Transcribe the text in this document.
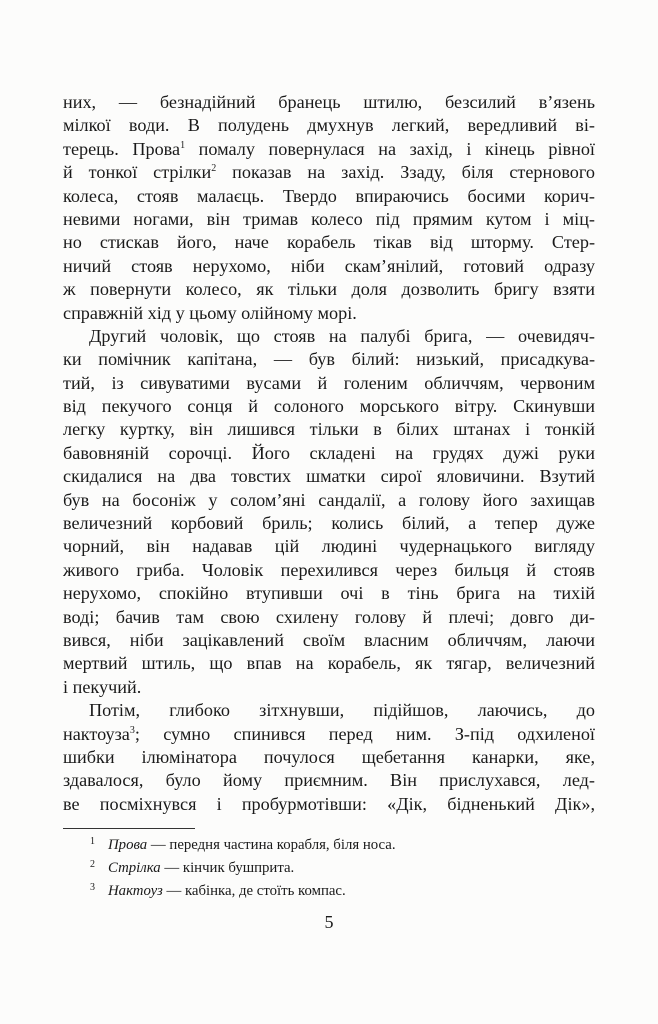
них, — безнадійний бранець штилю, безсилий в’язень
мілкої води. В полудень дмухнув легкий, вередливий ві-
терець. Прова$^1$ помалу повернулася на захід, і кінець рівної
й тонкої стрілки$^2$ показав на захід. Ззаду, біля стернового
колеса, стояв малаєць. Твердо впираючись босими корич-
невими ногами, він тримав колесо під прямим кутом і міц-
но стискав його, наче корабель тікав від шторму. Стер-
ничий стояв нерухомо, ніби скам’янілий, готовий одразу
ж повернути колесо, як тільки доля дозволить бригу взяти
справжній хід у цьому олійному морі.
Другий чоловік, що стояв на палубі брига, — очевидяч-
ки помічник капітана, — був білий: низький, присадкува-
тий, із сивуватими вусами й голеним обличчям, червоним
від пекучого сонця й солоного морського вітру. Скинувши
легку куртку, він лишився тільки в білих штанах і тонкій
бавовняній сорочці. Його складені на грудях дужі руки
скидалися на два товстих шматки сирої яловичини. Взутий
був на босоніж у солом’яні сандалії, а голову його захищав
величезний корбовий бриль; колись білий, а тепер дуже
чорний, він надавав цій людині чудернацького вигляду
живого гриба. Чоловік перехилився через бильця й стояв
нерухомо, спокійно втупивши очі в тінь брига на тихій
воді; бачив там свою схилену голову й плечі; довго ди-
вився, ніби зацікавлений своїм власним обличчям, лаючи
мертвий штиль, що впав на корабель, як тягар, величезний
і пекучий.
Потім, глибоко зітхнувши, підійшов, лаючись, до
нактоуза$^3$; сумно спинився перед ним. З-під одхиленої
шибки ілюмінатора почулося щебетання канарки, яке,
здавалося, було йому приємним. Він прислухався, лед-
ве посміхнувся і пробурмотівши: «Дік, бідненький Дік»,
1 Прова — передня частина корабля, біля носа.
2 Стрілка — кінчик бушприта.
3 Нактоуз — кабінка, де стоїть компас.
5
